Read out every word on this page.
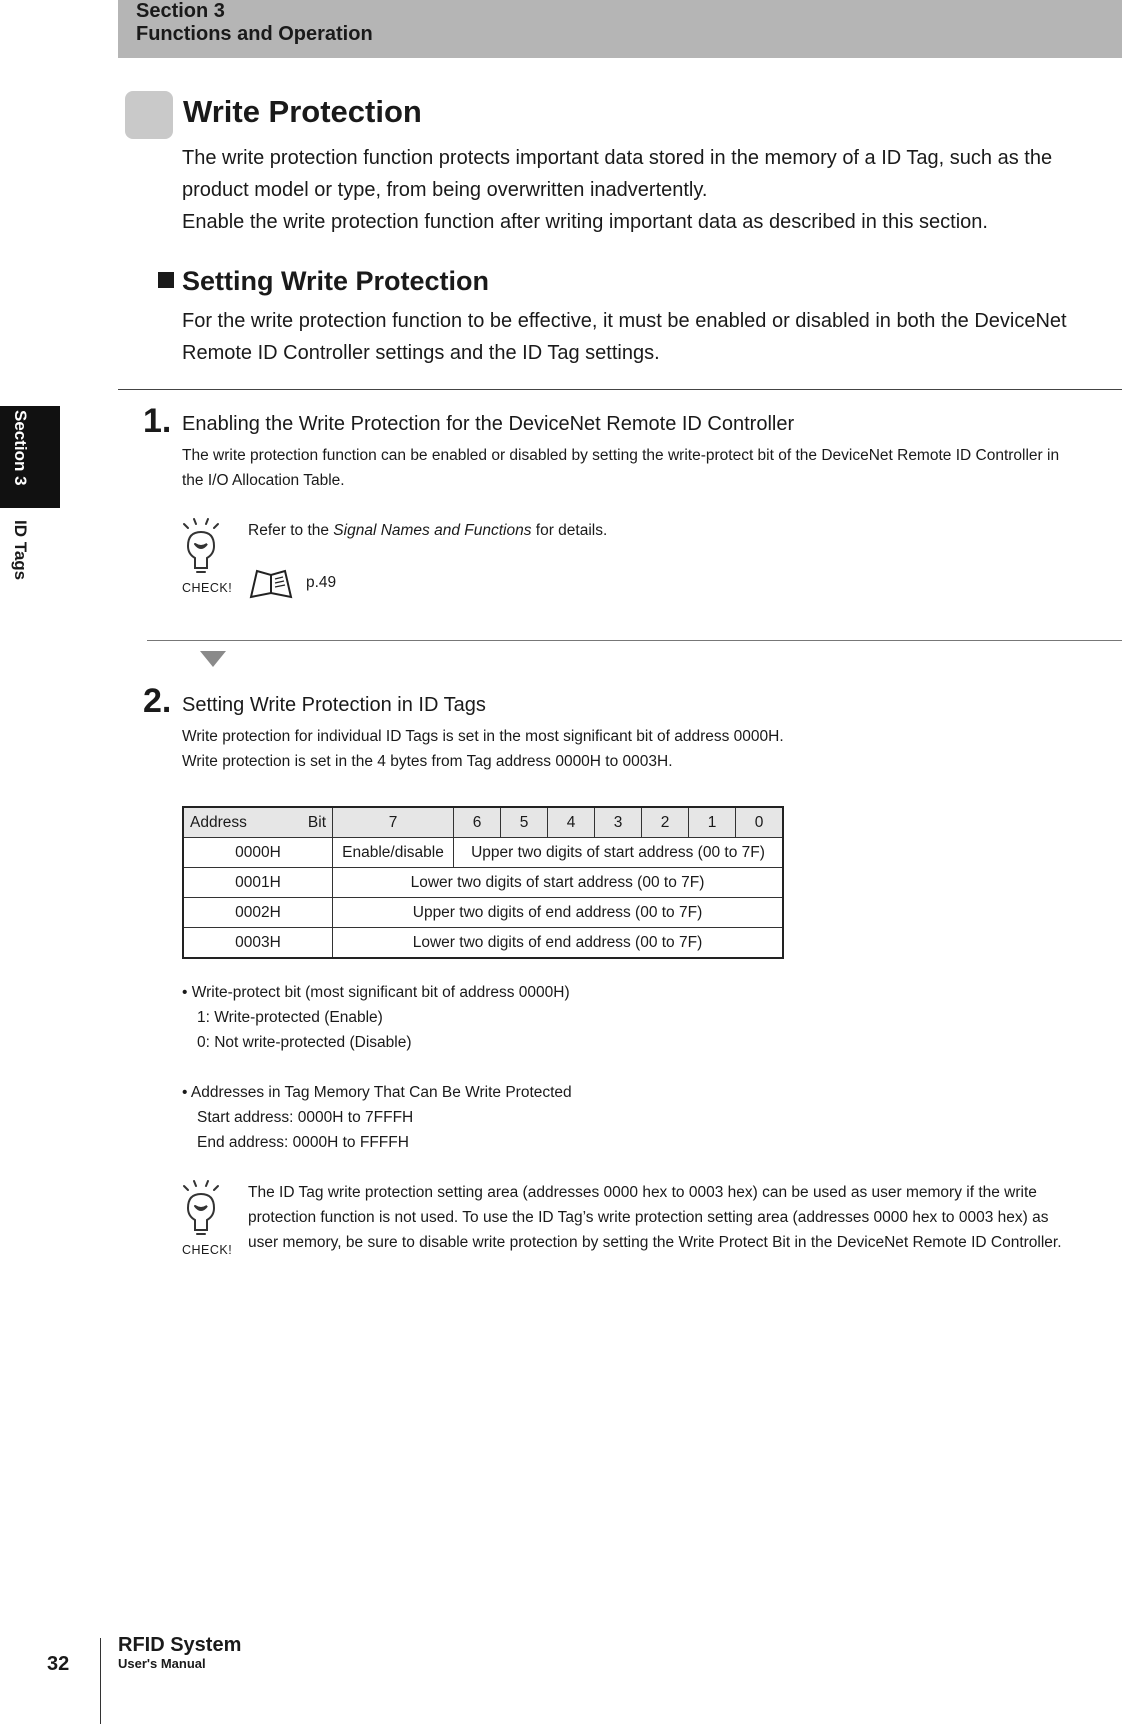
Section 3
Functions and Operation
Section 3
ID Tags
Write Protection
The write protection function protects important data stored in the memory of a ID Tag, such as the
product model or type, from being overwritten inadvertently.
Enable the write protection function after writing important data as described in this section.
Setting Write Protection
For the write protection function to be effective, it must be enabled or disabled in both the DeviceNet
Remote ID Controller settings and the ID Tag settings.
1. Enabling the Write Protection for the DeviceNet Remote ID Controller
The write protection function can be enabled or disabled by setting the write-protect bit of the DeviceNet Remote ID Controller in
the I/O Allocation Table.
CHECK!
Refer to the Signal Names and Functions for details.
p.49
2. Setting Write Protection in ID Tags
Write protection for individual ID Tags is set in the most significant bit of address 0000H.
Write protection is set in the 4 bytes from Tag address 0000H to 0003H.
Address Bit	7	6	5	4	3	2	1	0
0000H	Enable/disable	Upper two digits of start address (00 to 7F)						
0001H	Lower two digits of start address (00 to 7F)							
0002H	Upper two digits of end address (00 to 7F)							
0003H	Lower two digits of end address (00 to 7F)							
• Write-protect bit (most significant bit of address 0000H)
1: Write-protected (Enable)
0: Not write-protected (Disable)
• Addresses in Tag Memory That Can Be Write Protected
Start address: 0000H to 7FFFH
End address: 0000H to FFFFH
CHECK!
The ID Tag write protection setting area (addresses 0000 hex to 0003 hex) can be used as user memory if the write
protection function is not used. To use the ID Tag’s write protection setting area (addresses 0000 hex to 0003 hex) as
user memory, be sure to disable write protection by setting the Write Protect Bit in the DeviceNet Remote ID Controller.
32
RFID System
User's Manual
